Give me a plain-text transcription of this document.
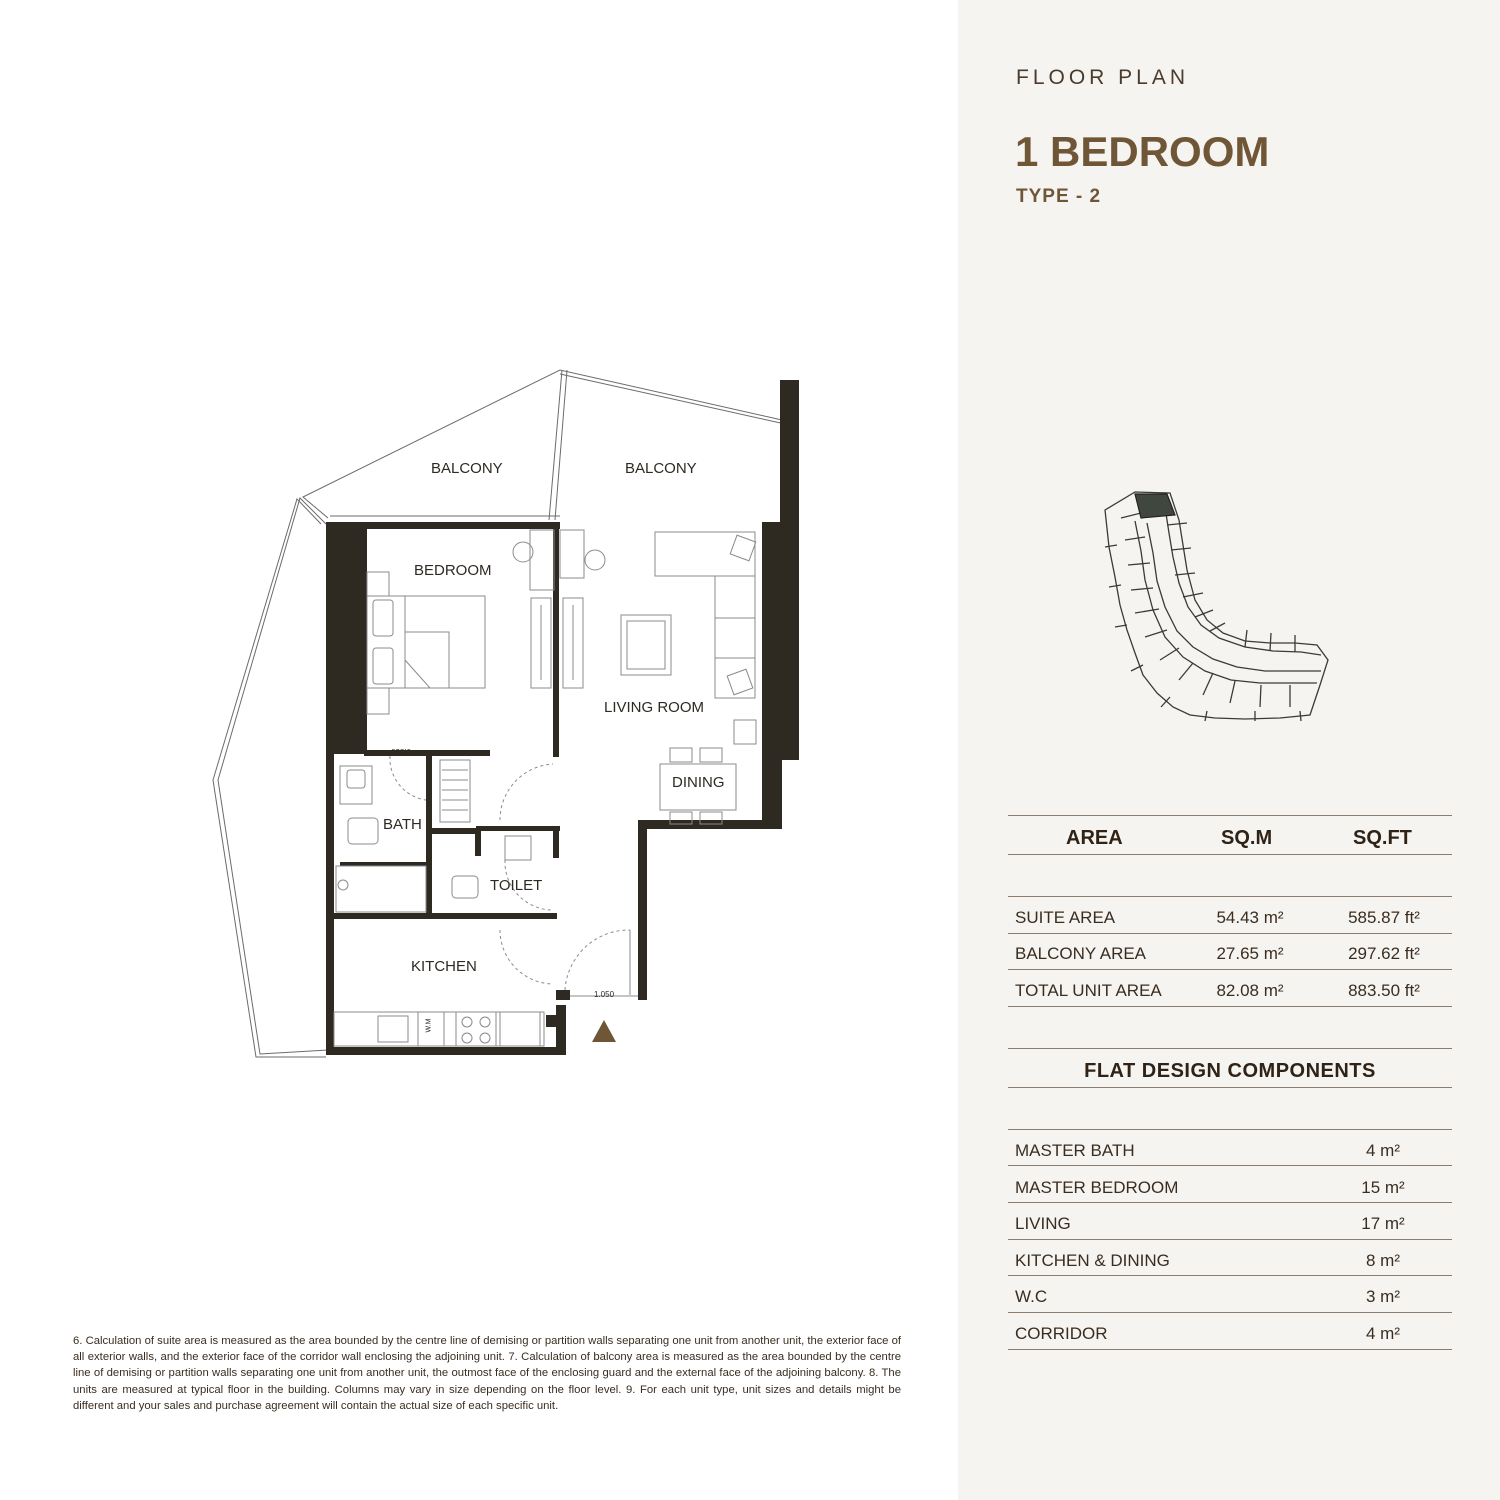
FLOOR PLAN
1 BEDROOM
TYPE - 2
BALCONY	BALCONY
BEDROOM
LIVING ROOM
DINING
BATH
TOILET
KITCHEN
0.850
1.050
W.M
AREA	SQ.M	SQ.FT
SUITE AREA	54.43 m²	585.87 ft²
BALCONY AREA	27.65 m²	297.62 ft²
TOTAL UNIT AREA	82.08 m²	883.50 ft²
FLAT DESIGN COMPONENTS
MASTER BATH	4 m²
MASTER BEDROOM	15 m²
LIVING	17 m²
KITCHEN & DINING	8 m²
W.C	3 m²
CORRIDOR	4 m²
6. Calculation of suite area is measured as the area bounded by the centre line of demising or partition walls separating one unit from another unit, the exterior face of all exterior walls, and the exterior face of the corridor wall enclosing the adjoining unit. 7. Calculation of balcony area is measured as the area bounded by the centre line of demising or partition walls separating one unit from another unit, the outmost face of the enclosing guard and the external face of the adjoining balcony. 8. The units are measured at typical floor in the building. Columns may vary in size depending on the floor level. 9. For each unit type, unit sizes and details might be different and your sales and purchase agreement will contain the actual size of each specific unit.
